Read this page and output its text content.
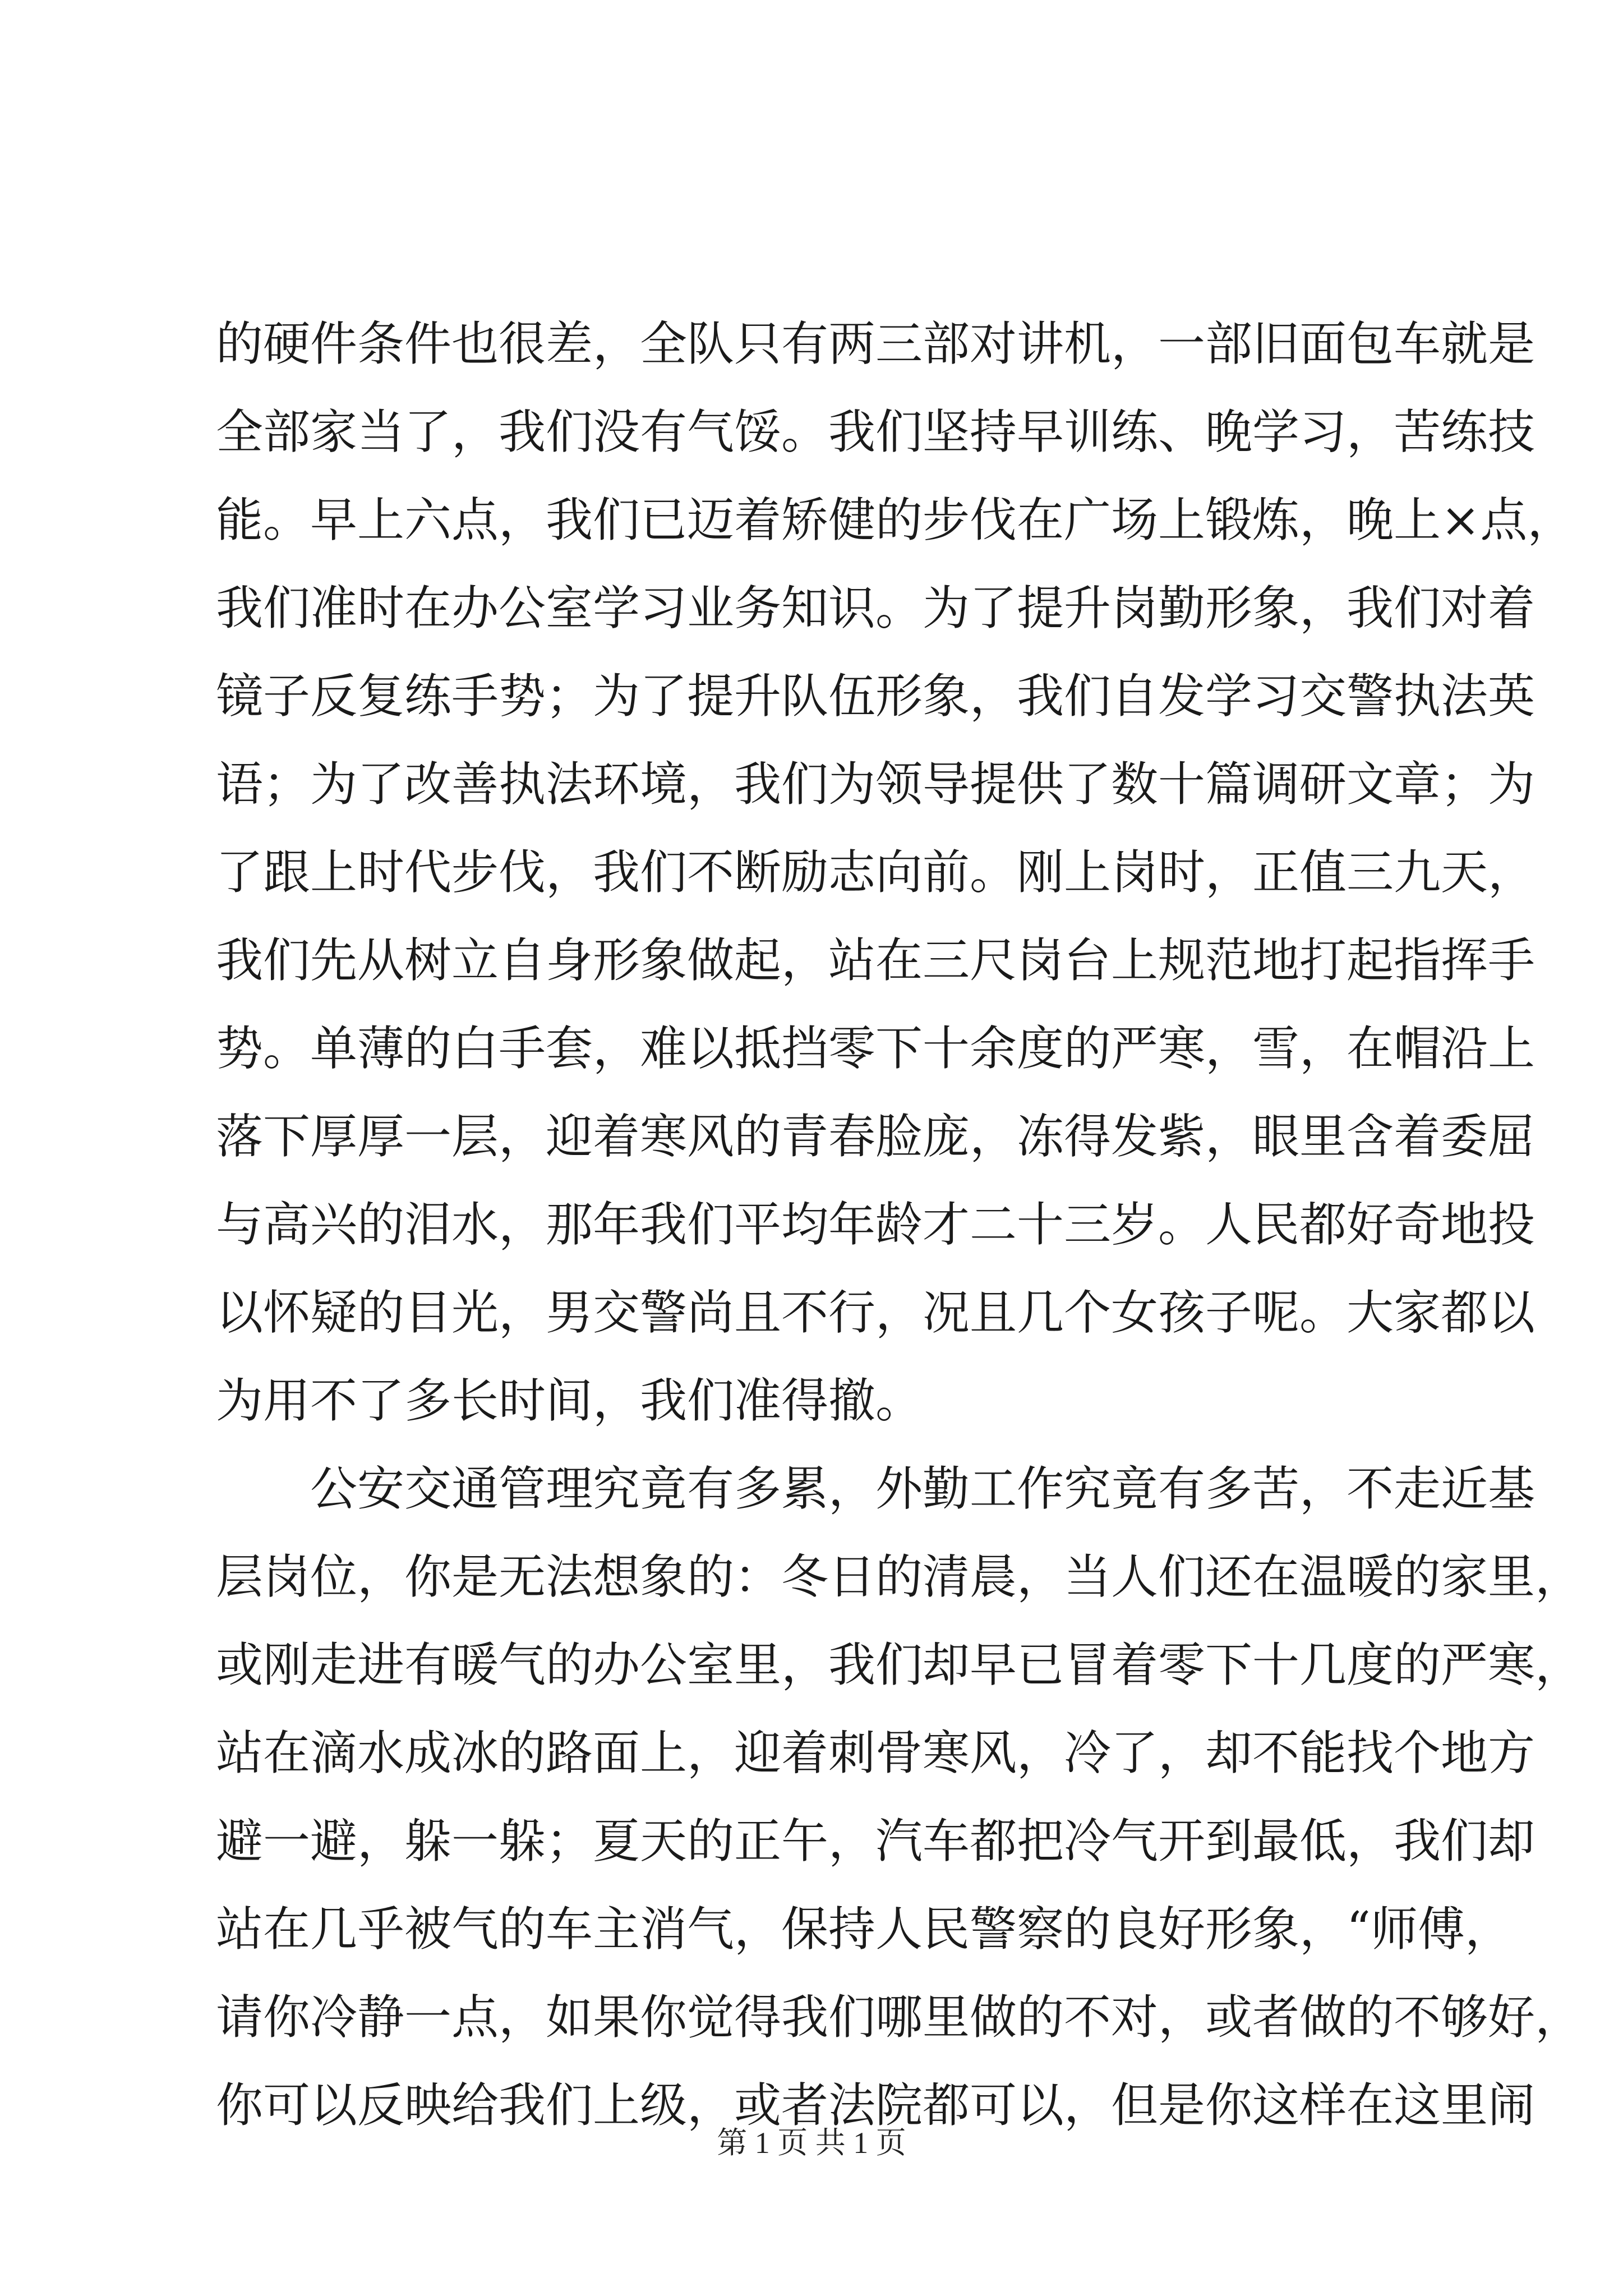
的硬件条件也很差，全队只有两三部对讲机，一部旧面包车就是
全部家当了，我们没有气馁。我们坚持早训练、晚学习，苦练技
能。早上六点，我们已迈着矫健的步伐在广场上锻炼，晚上×点，
我们准时在办公室学习业务知识。为了提升岗勤形象，我们对着
镜子反复练手势；为了提升队伍形象，我们自发学习交警执法英
语；为了改善执法环境，我们为领导提供了数十篇调研文章；为
了跟上时代步伐，我们不断励志向前。刚上岗时，正值三九天，
我们先从树立自身形象做起，站在三尺岗台上规范地打起指挥手
势。单薄的白手套，难以抵挡零下十余度的严寒，雪，在帽沿上
落下厚厚一层，迎着寒风的青春脸庞，冻得发紫，眼里含着委屈
与高兴的泪水，那年我们平均年龄才二十三岁。人民都好奇地投
以怀疑的目光，男交警尚且不行，况且几个女孩子呢。大家都以
为用不了多长时间，我们准得撤。
公安交通管理究竟有多累，外勤工作究竟有多苦，不走近基
层岗位，你是无法想象的：冬日的清晨，当人们还在温暖的家里，
或刚走进有暖气的办公室里，我们却早已冒着零下十几度的严寒，
站在滴水成冰的路面上，迎着刺骨寒风，冷了，却不能找个地方
避一避，躲一躲；夏天的正午，汽车都把冷气开到最低，我们却
站在几乎被气的车主消气，保持人民警察的良好形象，“师傅，
请你冷静一点，如果你觉得我们哪里做的不对，或者做的不够好，
你可以反映给我们上级，或者法院都可以，但是你这样在这里闹
第 1 页 共 1 页
